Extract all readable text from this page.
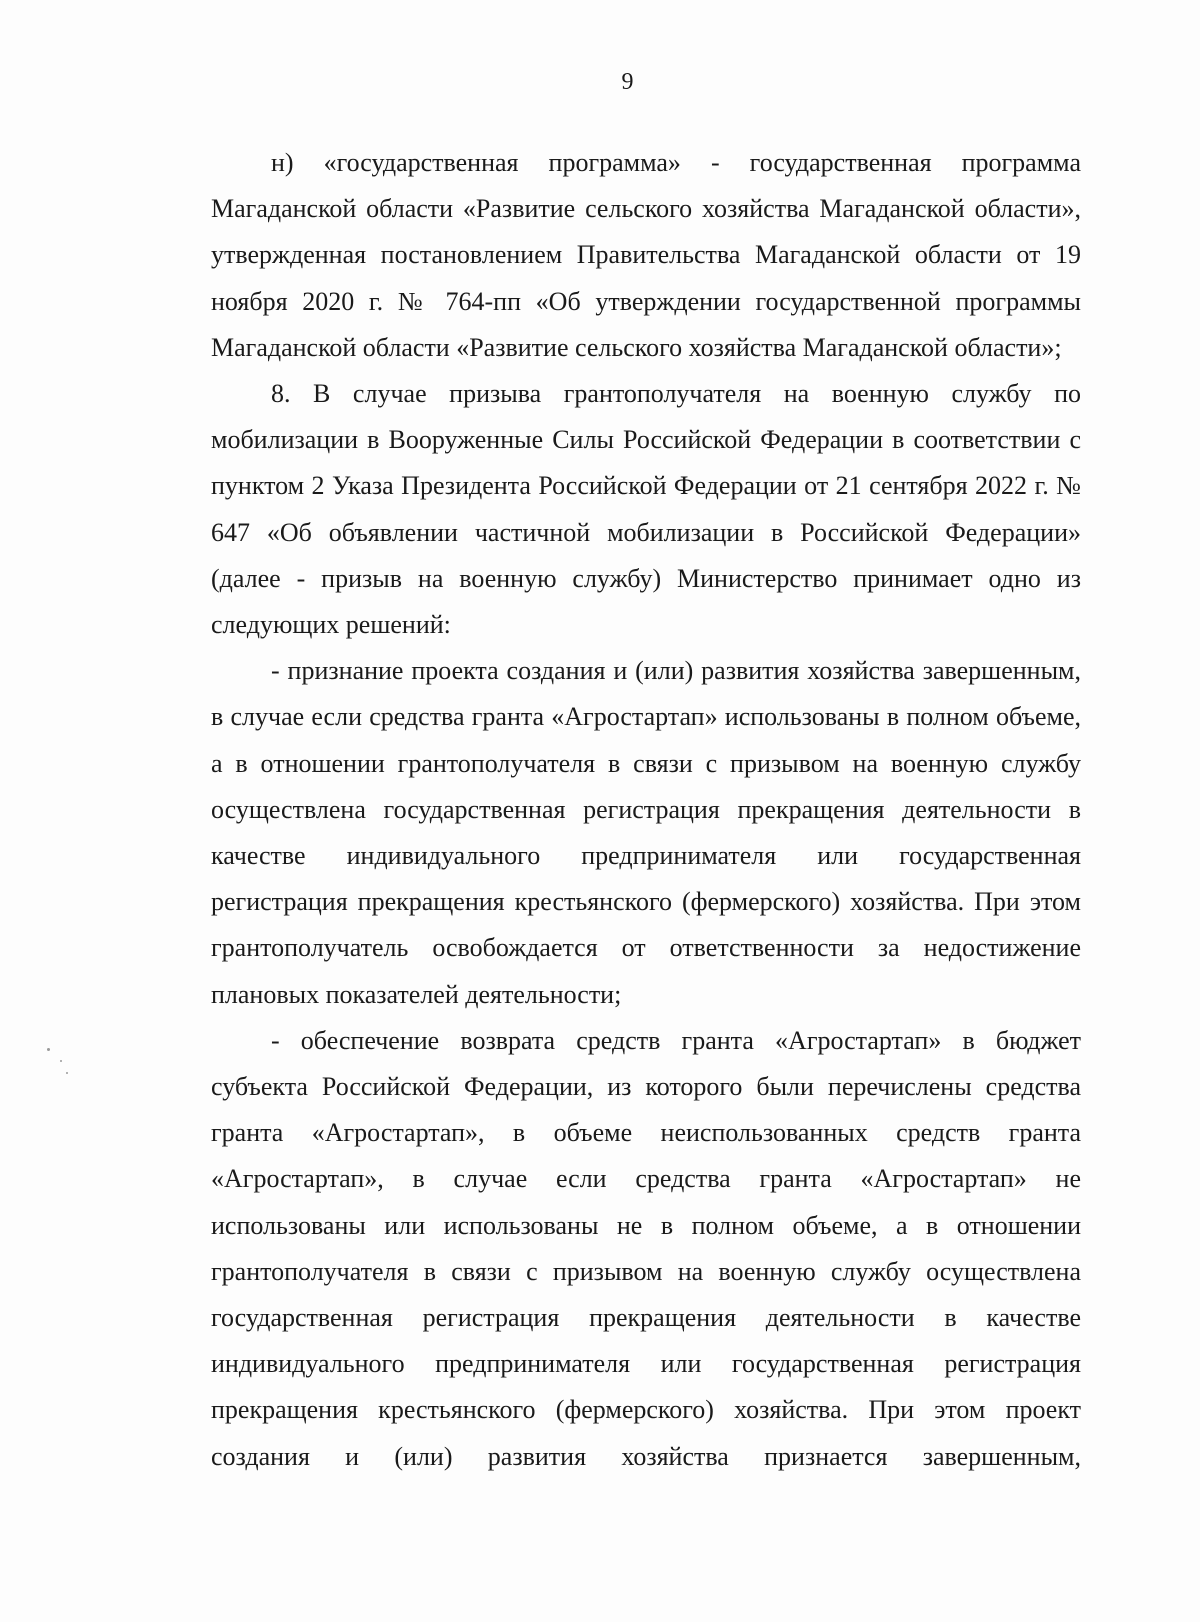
9

н) «государственная программа» - государственная программа Магаданской области «Развитие сельского хозяйства Магаданской области», утвержденная постановлением Правительства Магаданской области от 19 ноября 2020 г. № 764-пп «Об утверждении государственной программы Магаданской области «Развитие сельского хозяйства Магаданской области»;

8. В случае призыва грантополучателя на военную службу по мобилизации в Вооруженные Силы Российской Федерации в соответствии с пунктом 2 Указа Президента Российской Федерации от 21 сентября 2022 г. № 647 «Об объявлении частичной мобилизации в Российской Федерации» (далее - призыв на военную службу) Министерство принимает одно из следующих решений:

- признание проекта создания и (или) развития хозяйства завершенным, в случае если средства гранта «Агростартап» использованы в полном объеме, а в отношении грантополучателя в связи с призывом на военную службу осуществлена государственная регистрация прекращения деятельности в качестве индивидуального предпринимателя или государственная регистрация прекращения крестьянского (фермерского) хозяйства. При этом грантополучатель освобождается от ответственности за недостижение плановых показателей деятельности;

- обеспечение возврата средств гранта «Агростартап» в бюджет субъекта Российской Федерации, из которого были перечислены средства гранта «Агростартап», в объеме неиспользованных средств гранта «Агростартап», в случае если средства гранта «Агростартап» не использованы или использованы не в полном объеме, а в отношении грантополучателя в связи с призывом на военную службу осуществлена государственная регистрация прекращения деятельности в качестве индивидуального предпринимателя или государственная регистрация прекращения крестьянского (фермерского) хозяйства. При этом проект создания и (или) развития хозяйства признается завершенным,
